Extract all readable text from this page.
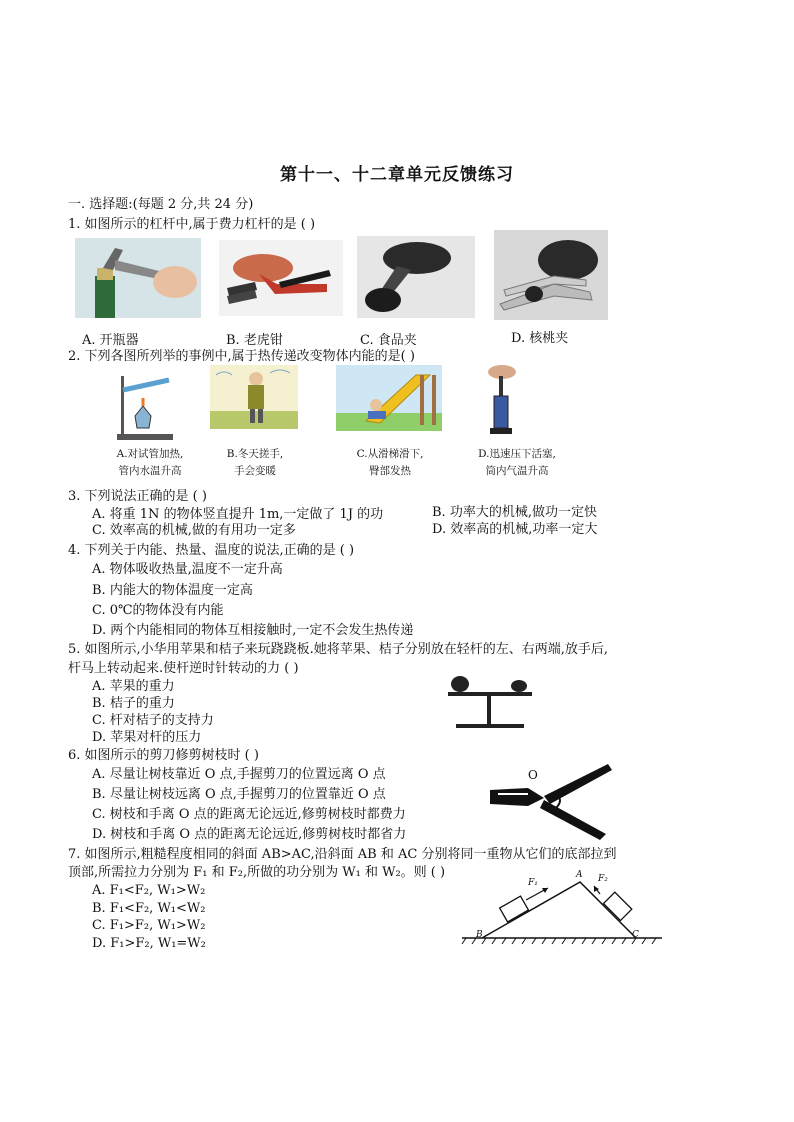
第十一、十二章单元反馈练习
一. 选择题:(每题 2 分,共 24 分)
1. 如图所示的杠杆中,属于费力杠杆的是 ( )
A. 开瓶器	B. 老虎钳	C. 食品夹	D. 核桃夹
2. 下列各图所列举的事例中,属于热传递改变物体内能的是( )
A.对试管加热,
管内水温升高
B.冬天搓手,
手会变暖
C.从滑梯滑下,
臀部发热
D.迅速压下活塞,
筒内气温升高
3. 下列说法正确的是 ( )
A. 将重 1N 的物体竖直提升 1m,一定做了 1J 的功	B. 功率大的机械,做功一定快
C. 效率高的机械,做的有用功一定多	D. 效率高的机械,功率一定大
4. 下列关于内能、热量、温度的说法,正确的是 ( )
A. 物体吸收热量,温度不一定升高
B. 内能大的物体温度一定高
C. 0℃的物体没有内能
D. 两个内能相同的物体互相接触时,一定不会发生热传递
5. 如图所示,小华用苹果和桔子来玩跷跷板.她将苹果、桔子分别放在轻杆的左、右两端,放手后,
杆马上转动起来.使杆逆时针转动的力 ( )
A. 苹果的重力
B. 桔子的重力
C. 杆对桔子的支持力
D. 苹果对杆的压力
6. 如图所示的剪刀修剪树枝时 ( )
A. 尽量让树枝靠近 O 点,手握剪刀的位置远离 O 点
B. 尽量让树枝远离 O 点,手握剪刀的位置靠近 O 点
C. 树枝和手离 O 点的距离无论远近,修剪树枝时都费力
D. 树枝和手离 O 点的距离无论远近,修剪树枝时都省力
O
7. 如图所示,粗糙程度相同的斜面 AB>AC,沿斜面 AB 和 AC 分别将同一重物从它们的底部拉到
顶部,所需拉力分别为 F₁ 和 F₂,所做的功分别为 W₁ 和 W₂。则 ( )
A. F₁<F₂, W₁>W₂
B. F₁<F₂, W₁<W₂
C. F₁>F₂, W₁>W₂
D. F₁>F₂, W₁=W₂
A
B	C
F₁	F₂
